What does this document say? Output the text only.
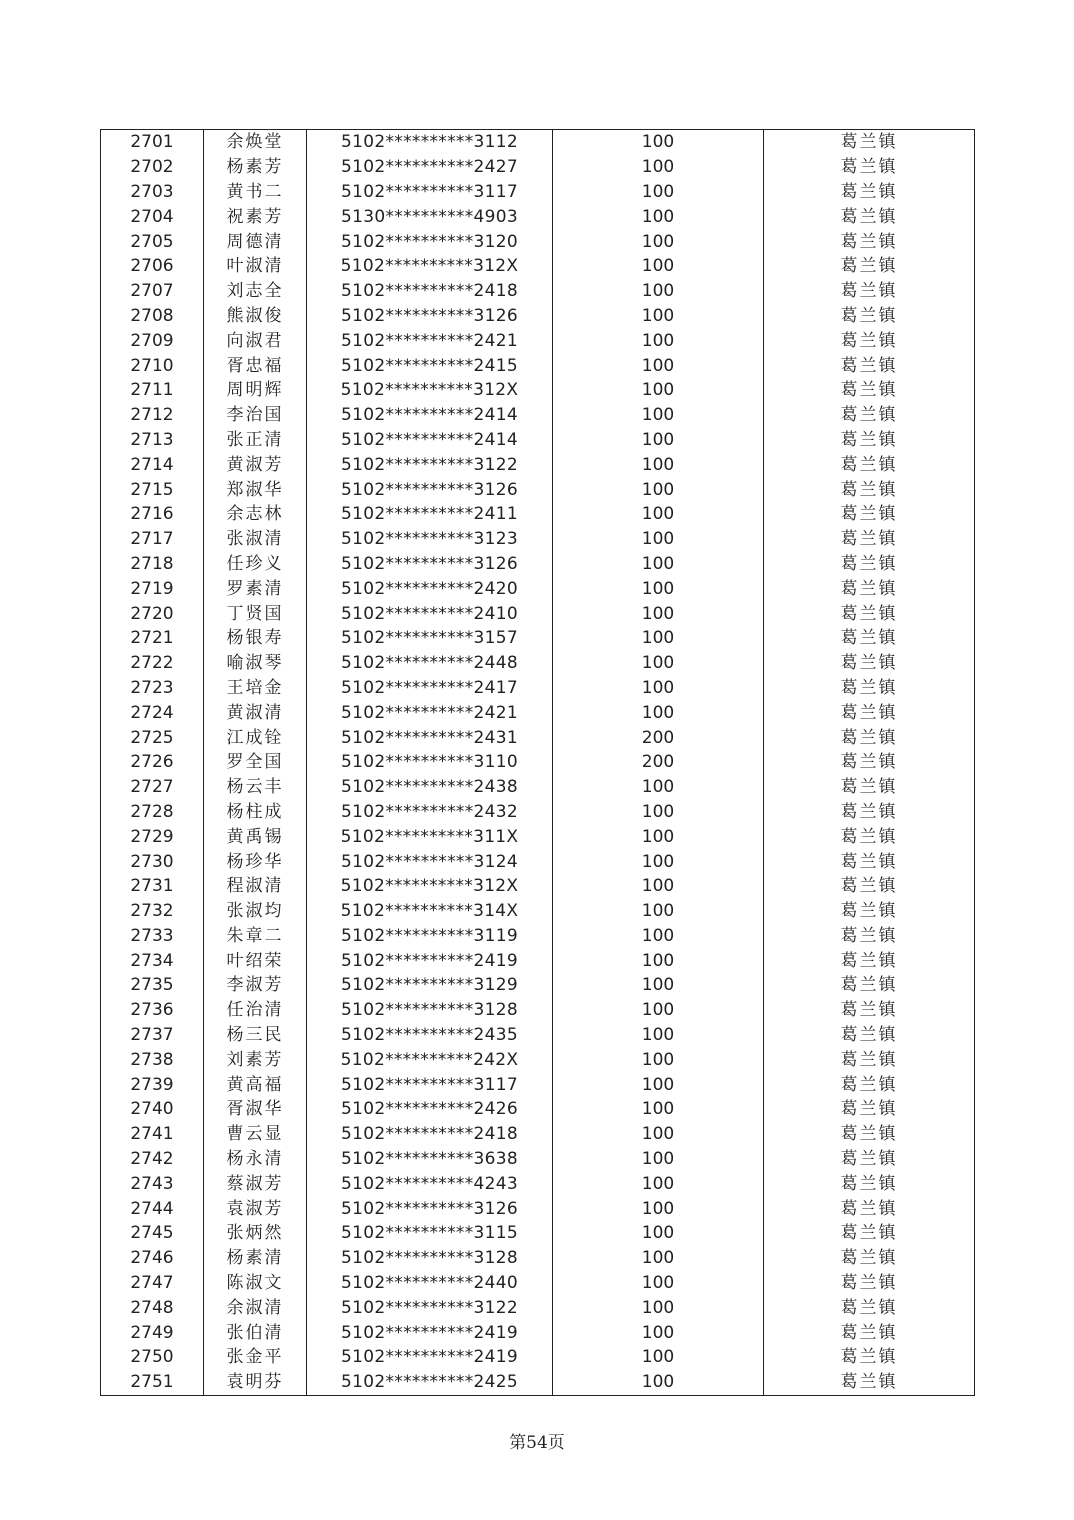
2701	余焕堂	5102**********3112	100	葛兰镇
2702	杨素芳	5102**********2427	100	葛兰镇
2703	黄书二	5102**********3117	100	葛兰镇
2704	祝素芳	5130**********4903	100	葛兰镇
2705	周德清	5102**********3120	100	葛兰镇
2706	叶淑清	5102**********312X	100	葛兰镇
2707	刘志全	5102**********2418	100	葛兰镇
2708	熊淑俊	5102**********3126	100	葛兰镇
2709	向淑君	5102**********2421	100	葛兰镇
2710	胥忠福	5102**********2415	100	葛兰镇
2711	周明辉	5102**********312X	100	葛兰镇
2712	李治国	5102**********2414	100	葛兰镇
2713	张正清	5102**********2414	100	葛兰镇
2714	黄淑芳	5102**********3122	100	葛兰镇
2715	郑淑华	5102**********3126	100	葛兰镇
2716	余志林	5102**********2411	100	葛兰镇
2717	张淑清	5102**********3123	100	葛兰镇
2718	任珍义	5102**********3126	100	葛兰镇
2719	罗素清	5102**********2420	100	葛兰镇
2720	丁贤国	5102**********2410	100	葛兰镇
2721	杨银寿	5102**********3157	100	葛兰镇
2722	喻淑琴	5102**********2448	100	葛兰镇
2723	王培金	5102**********2417	100	葛兰镇
2724	黄淑清	5102**********2421	100	葛兰镇
2725	江成铨	5102**********2431	200	葛兰镇
2726	罗全国	5102**********3110	200	葛兰镇
2727	杨云丰	5102**********2438	100	葛兰镇
2728	杨柱成	5102**********2432	100	葛兰镇
2729	黄禹锡	5102**********311X	100	葛兰镇
2730	杨珍华	5102**********3124	100	葛兰镇
2731	程淑清	5102**********312X	100	葛兰镇
2732	张淑均	5102**********314X	100	葛兰镇
2733	朱章二	5102**********3119	100	葛兰镇
2734	叶绍荣	5102**********2419	100	葛兰镇
2735	李淑芳	5102**********3129	100	葛兰镇
2736	任治清	5102**********3128	100	葛兰镇
2737	杨三民	5102**********2435	100	葛兰镇
2738	刘素芳	5102**********242X	100	葛兰镇
2739	黄高福	5102**********3117	100	葛兰镇
2740	胥淑华	5102**********2426	100	葛兰镇
2741	曹云显	5102**********2418	100	葛兰镇
2742	杨永清	5102**********3638	100	葛兰镇
2743	蔡淑芳	5102**********4243	100	葛兰镇
2744	袁淑芳	5102**********3126	100	葛兰镇
2745	张炳然	5102**********3115	100	葛兰镇
2746	杨素清	5102**********3128	100	葛兰镇
2747	陈淑文	5102**********2440	100	葛兰镇
2748	余淑清	5102**********3122	100	葛兰镇
2749	张伯清	5102**********2419	100	葛兰镇
2750	张金平	5102**********2419	100	葛兰镇
2751	袁明芬	5102**********2425	100	葛兰镇
第54页
